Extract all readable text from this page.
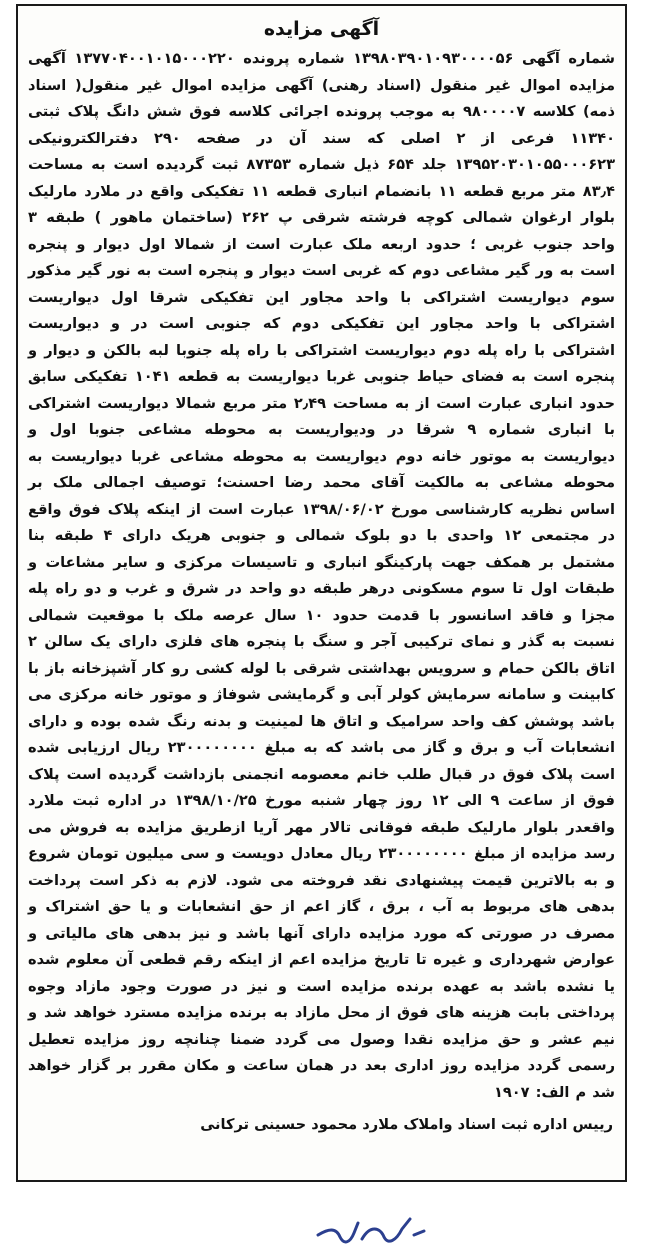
آگهی مزایده
شماره آگهی ۱۳۹۸۰۳۹۰۱۰۹۳۰۰۰۰۵۶ شماره پرونده ۱۳۷۷۰۴۰۰۱۰۱۵۰۰۰۲۲۰ آگهی مزایده اموال غیر منقول (اسناد رهنی) آگهی مزایده اموال غیر منقول( اسناد ذمه) کلاسه ۹۸۰۰۰۰۷ به موجب پرونده اجرائی کلاسه فوق شش دانگ پلاک ثبتی ۱۱۳۴۰ فرعی از ۲ اصلی که سند آن در صفحه ۲۹۰ دفترالکترونیکی ۱۳۹۵۲۰۳۰۱۰۵۵۰۰۰۶۲۳ جلد ۶۵۴ ذیل شماره ۸۷۳۵۳ ثبت گردیده است به مساحت ۸۳٫۴ متر مربع قطعه ۱۱ بانضمام انباری قطعه ۱۱ تفکیکی واقع در ملارد مارلیک بلوار ارغوان شمالی کوچه فرشته شرقی پ ۲۶۲ (ساختمان ماهور ) طبقه ۳ واحد جنوب غربی ؛ حدود اربعه ملک عبارت است از شمالا اول دیوار و پنجره است به ور گیر مشاعی دوم که غربی است دیوار و پنجره است به نور گیر مذکور سوم دیواریست اشتراکی با واحد مجاور این تفکیکی شرقا اول دیواریست اشتراکی با واحد مجاور این تفکیکی دوم که جنوبی است در و دیواریست اشتراکی با راه پله دوم دیواریست اشتراکی با راه پله جنوبا لبه بالکن و دیوار و پنجره است به فضای حیاط جنوبی غربا دیواریست به قطعه ۱۰۴۱ تفکیکی سابق حدود انباری عبارت است از به مساحت ۲٫۴۹ متر مربع شمالا دیواریست اشتراکی با انباری شماره ۹ شرقا در ودیواریست به محوطه مشاعی جنوبا اول و دیواریست به موتور خانه دوم دیواریست به محوطه مشاعی غربا دیواریست به محوطه مشاعی به مالکیت آقای محمد رضا احسنت؛ توصیف اجمالی ملک بر اساس نظریه کارشناسی مورخ ۱۳۹۸/۰۶/۰۲ عبارت است از اینکه پلاک فوق واقع در مجتمعی ۱۲ واحدی با دو بلوک شمالی و جنوبی هریک دارای ۴ طبقه بنا مشتمل بر همکف جهت پارکینگو انباری و تاسیسات مرکزی و سایر مشاعات و طبقات اول تا سوم مسکونی درهر طبقه دو واحد در شرق و غرب و دو راه پله مجزا و فاقد اسانسور با قدمت حدود ۱۰ سال عرصه ملک با موقعیت شمالی نسبت به گذر و نمای ترکیبی آجر و سنگ با پنجره های فلزی دارای یک سالن ۲ اتاق بالکن حمام و سرویس بهداشتی شرقی با لوله کشی رو کار آشپزخانه باز با کابینت و سامانه سرمایش کولر آبی و گرمایشی شوفاژ و موتور خانه مرکزی می باشد پوشش کف واحد سرامیک و اتاق ها لمینیت و بدنه رنگ شده بوده و دارای انشعابات آب و برق و گاز می باشد که به مبلغ ۲۳۰۰۰۰۰۰۰۰ ریال ارزیابی شده است پلاک فوق در قبال طلب خانم معصومه انجمنی بازداشت گردیده است پلاک فوق از ساعت ۹ الی ۱۲ روز چهار شنبه مورخ ۱۳۹۸/۱۰/۲۵ در اداره ثبت ملارد واقعدر بلوار مارلیک طبقه فوقانی تالار مهر آریا ازطریق مزایده به فروش می رسد مزایده از مبلغ ۲۳۰۰۰۰۰۰۰۰ ریال معادل دویست و سی میلیون تومان شروع و به بالاترین قیمت پیشنهادی نقد فروخته می شود. لازم به ذکر است پرداخت بدهی های مربوط به آب ، برق ، گاز اعم از حق انشعابات و یا حق اشتراک و مصرف در صورتی که مورد مزایده دارای آنها باشد و نیز بدهی های مالیاتی و عوارض شهرداری و غیره تا تاریخ مزایده اعم از اینکه رقم قطعی آن معلوم شده یا نشده باشد به عهده برنده مزایده است و نیز در صورت وجود مازاد وجوه پرداختی بابت هزینه های فوق از محل مازاد به برنده مزایده مسترد خواهد شد و نیم عشر و حق مزایده نقدا وصول می گردد ضمنا چنانچه روز مزایده تعطیل رسمی گردد مزایده روز اداری بعد در همان ساعت و مکان مقرر بر گزار خواهد شد م الف: ۱۹۰۷
رییس اداره ثبت اسناد واملاک ملارد محمود حسینی ترکانی
